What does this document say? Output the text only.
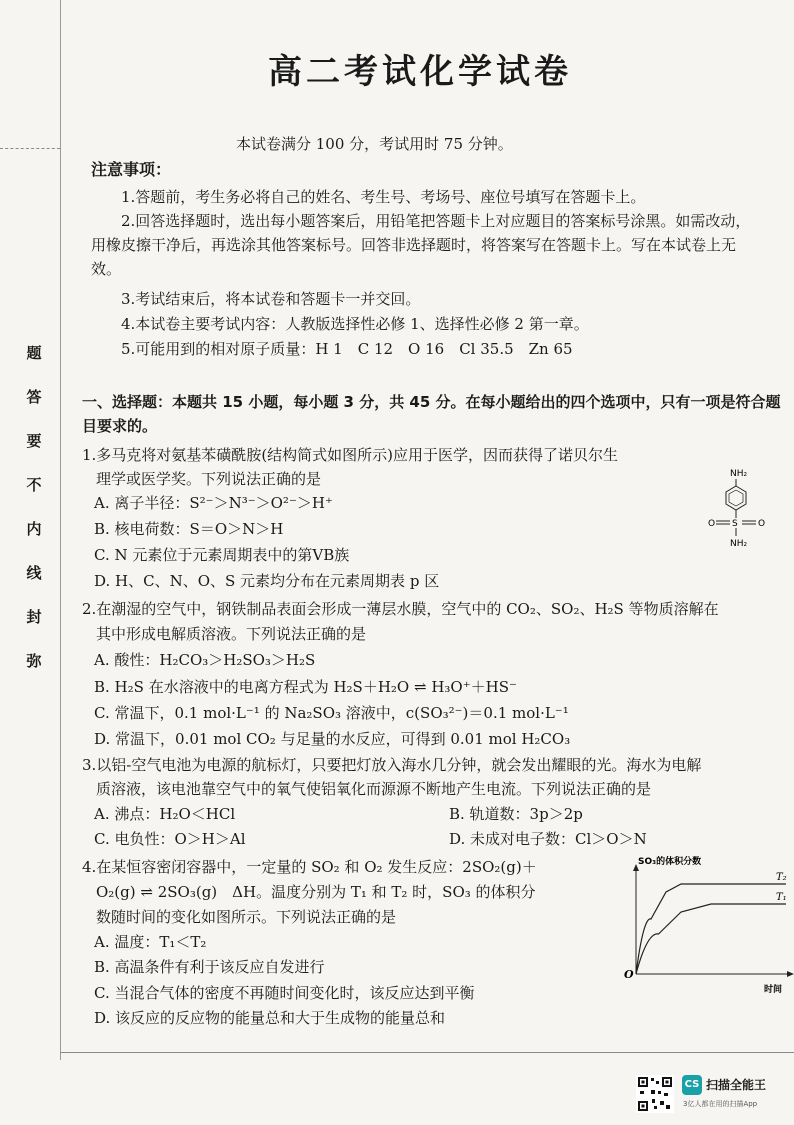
题
答
要
不
内
线
封
弥
高二考试化学试卷
本试卷满分 100 分，考试用时 75 分钟。
注意事项：
1.答题前，考生务必将自己的姓名、考生号、考场号、座位号填写在答题卡上。
2.回答选择题时，选出每小题答案后，用铅笔把答题卡上对应题目的答案标号涂黑。如需改动，用橡皮擦干净后，再选涂其他答案标号。回答非选择题时，将答案写在答题卡上。写在本试卷上无效。
3.考试结束后，将本试卷和答题卡一并交回。
4.本试卷主要考试内容：人教版选择性必修 1、选择性必修 2 第一章。
5.可能用到的相对原子质量：H 1　C 12　O 16　Cl 35.5　Zn 65
一、选择题：本题共 15 小题，每小题 3 分，共 45 分。在每小题给出的四个选项中，只有一项是符合题目要求的。
1.多马克将对氨基苯磺酰胺(结构简式如图所示)应用于医学，因而获得了诺贝尔生
理学或医学奖。下列说法正确的是
A. 离子半径：S²⁻＞N³⁻＞O²⁻＞H⁺
B. 核电荷数：S＝O＞N＞H
C. N 元素位于元素周期表中的第ⅤB族
D. H、C、N、O、S 元素均分布在元素周期表 p 区
NH₂
S
O	O
NH₂
2.在潮湿的空气中，钢铁制品表面会形成一薄层水膜，空气中的 CO₂、SO₂、H₂S 等物质溶解在
其中形成电解质溶液。下列说法正确的是
A. 酸性：H₂CO₃＞H₂SO₃＞H₂S
B. H₂S 在水溶液中的电离方程式为 H₂S＋H₂O ⇌ H₃O⁺＋HS⁻
C. 常温下，0.1 mol·L⁻¹ 的 Na₂SO₃ 溶液中，c(SO₃²⁻)＝0.1 mol·L⁻¹
D. 常温下，0.01 mol CO₂ 与足量的水反应，可得到 0.01 mol H₂CO₃
3.以铝-空气电池为电源的航标灯，只要把灯放入海水几分钟，就会发出耀眼的光。海水为电解
质溶液，该电池靠空气中的氧气使铝氧化而源源不断地产生电流。下列说法正确的是
A. 沸点：H₂O＜HCl	B. 轨道数：3p＞2p
C. 电负性：O＞H＞Al	D. 未成对电子数：Cl＞O＞N
4.在某恒容密闭容器中，一定量的 SO₂ 和 O₂ 发生反应：2SO₂(g)＋
O₂(g) ⇌ 2SO₃(g)　ΔH。温度分别为 T₁ 和 T₂ 时，SO₃ 的体积分
数随时间的变化如图所示。下列说法正确的是
A. 温度：T₁＜T₂
B. 高温条件有利于该反应自发进行
C. 当混合气体的密度不再随时间变化时，该反应达到平衡
D. 该反应的反应物的能量总和大于生成物的能量总和
SO₃的体积分数
O
时间
T₂
T₁
CS 扫描全能王
3亿人都在用的扫描App
